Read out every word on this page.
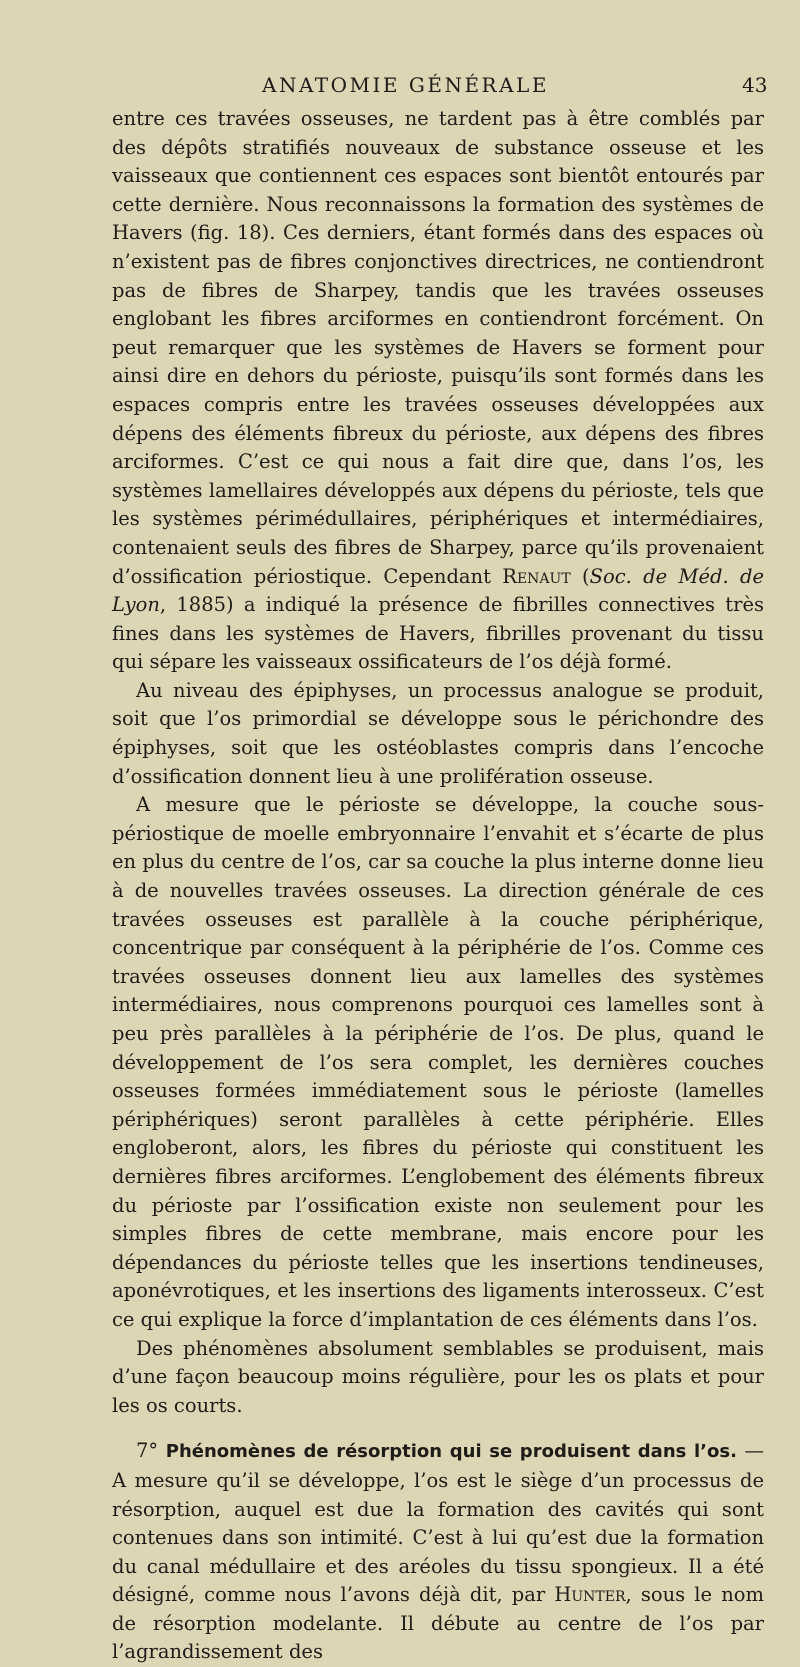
ANATOMIE GÉNÉRALE	43

entre ces travées osseuses, ne tardent pas à être comblés par des dépôts stratifiés nouveaux de substance osseuse et les vaisseaux que contiennent ces espaces sont bientôt entourés par cette dernière. Nous reconnaissons la formation des systèmes de Havers (fig. 18). Ces derniers, étant formés dans des espaces où n’existent pas de fibres conjonctives directrices, ne contiendront pas de fibres de Sharpey, tandis que les travées osseuses englobant les fibres arciformes en contiendront forcément. On peut remarquer que les systèmes de Havers se forment pour ainsi dire en dehors du périoste, puisqu’ils sont formés dans les espaces compris entre les travées osseuses développées aux dépens des éléments fibreux du périoste, aux dépens des fibres arciformes. C’est ce qui nous a fait dire que, dans l’os, les systèmes lamellaires développés aux dépens du périoste, tels que les systèmes périmédullaires, périphériques et intermédiaires, contenaient seuls des fibres de Sharpey, parce qu’ils provenaient d’ossification périostique. Cependant Renaut (Soc. de Méd. de Lyon, 1885) a indiqué la présence de fibrilles connectives très fines dans les systèmes de Havers, fibrilles provenant du tissu qui sépare les vaisseaux ossificateurs de l’os déjà formé.

Au niveau des épiphyses, un processus analogue se produit, soit que l’os primordial se développe sous le périchondre des épiphyses, soit que les ostéoblastes compris dans l’encoche d’ossification donnent lieu à une prolifération osseuse.

A mesure que le périoste se développe, la couche sous-périostique de moelle embryonnaire l’envahit et s’écarte de plus en plus du centre de l’os, car sa couche la plus interne donne lieu à de nouvelles travées osseuses. La direction générale de ces travées osseuses est parallèle à la couche périphérique, concentrique par conséquent à la périphérie de l’os. Comme ces travées osseuses donnent lieu aux lamelles des systèmes intermédiaires, nous comprenons pourquoi ces lamelles sont à peu près parallèles à la périphérie de l’os. De plus, quand le développement de l’os sera complet, les dernières couches osseuses formées immédiatement sous le périoste (lamelles périphériques) seront parallèles à cette périphérie. Elles engloberont, alors, les fibres du périoste qui constituent les dernières fibres arciformes. L’englobement des éléments fibreux du périoste par l’ossification existe non seulement pour les simples fibres de cette membrane, mais encore pour les dépendances du périoste telles que les insertions tendineuses, aponévrotiques, et les insertions des ligaments interosseux. C’est ce qui explique la force d’implantation de ces éléments dans l’os.

Des phénomènes absolument semblables se produisent, mais d’une façon beaucoup moins régulière, pour les os plats et pour les os courts.

7° Phénomènes de résorption qui se produisent dans l’os. — A mesure qu’il se développe, l’os est le siège d’un processus de résorption, auquel est due la formation des cavités qui sont contenues dans son intimité. C’est à lui qu’est due la formation du canal médullaire et des aréoles du tissu spongieux. Il a été désigné, comme nous l’avons déjà dit, par Hunter, sous le nom de résorption modelante. Il débute au centre de l’os par l’agrandissement des
